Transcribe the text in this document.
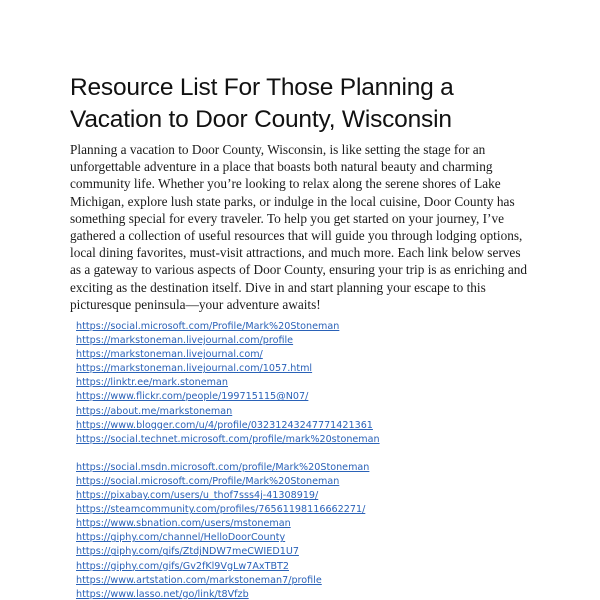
Resource List For Those Planning a Vacation to Door County, Wisconsin

Planning a vacation to Door County, Wisconsin, is like setting the stage for an unforgettable adventure in a place that boasts both natural beauty and charming community life. Whether you’re looking to relax along the serene shores of Lake Michigan, explore lush state parks, or indulge in the local cuisine, Door County has something special for every traveler. To help you get started on your journey, I’ve gathered a collection of useful resources that will guide you through lodging options, local dining favorites, must-visit attractions, and much more. Each link below serves as a gateway to various aspects of Door County, ensuring your trip is as enriching and exciting as the destination itself. Dive in and start planning your escape to this picturesque peninsula—your adventure awaits!

https://social.microsoft.com/Profile/Mark%20Stoneman
https://markstoneman.livejournal.com/profile
https://markstoneman.livejournal.com/
https://markstoneman.livejournal.com/1057.html
https://linktr.ee/mark.stoneman
https://www.flickr.com/people/199715115@N07/
https://about.me/markstoneman
https://www.blogger.com/u/4/profile/03231243247771421361
https://social.technet.microsoft.com/profile/mark%20stoneman
https://social.msdn.microsoft.com/profile/Mark%20Stoneman
https://social.microsoft.com/Profile/Mark%20Stoneman
https://pixabay.com/users/u_thof7sss4j-41308919/
https://steamcommunity.com/profiles/76561198116662271/
https://www.sbnation.com/users/mstoneman
https://giphy.com/channel/HelloDoorCounty
https://giphy.com/gifs/ZtdjNDW7meCWIED1U7
https://giphy.com/gifs/Gv2fKl9VgLw7AxTBT2
https://www.artstation.com/markstoneman7/profile
https://www.lasso.net/go/link/t8Vfzb
